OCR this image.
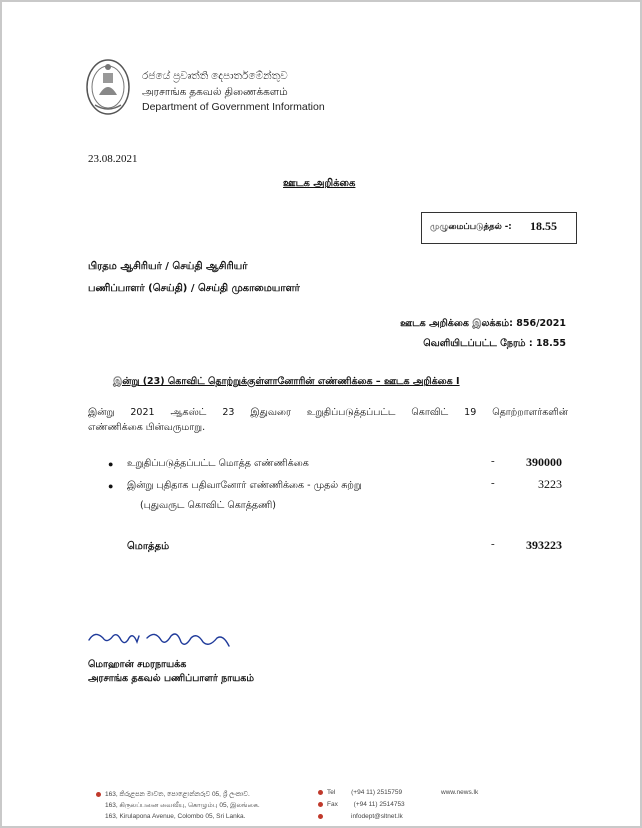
රජයේ ප්‍රවෘත්ති දෙපාර්තමේන්තුව
அரசாங்க தகவல் திணைக்களம்
Department of Government Information
23.08.2021
ஊடக அறிக்கை
முழுமைப்படுத்தல் -: 18.55
பிரதம ஆசிரியர் / செய்தி ஆசிரியர்
பணிப்பாளர் (செய்தி) / செய்தி முகாமையாளர்
ஊடக அறிக்கை இலக்கம்: 856/2021
வெளியிடப்பட்ட நேரம் : 18.55
இன்று (23) கொவிட் தொற்றுக்குள்ளானோரின் எண்ணிக்கை – ஊடக அறிக்கை I
இன்று 2021 ஆகஸ்ட் 23 இதுவரை உறுதிப்படுத்தப்பட்ட கொவிட் 19 தொற்றாளர்களின்
எண்ணிக்கை பின்வருமாறு.
● உறுதிப்படுத்தப்பட்ட மொத்த எண்ணிக்கை	-	390000
● இன்று புதிதாக பதிவானோர் எண்ணிக்கை - முதல் சுற்று	-	3223
(புதுவருட கொவிட் கொத்தணி)
மொத்தம்	-	393223
மொஹான் சமரநாயக்க
அரசாங்க தகவல் பணிப்பாளர் நாயகம்
163, කිරුළපන මාවත, පොළොන්නරුව 05, ශ්‍රී ලංකාව.
163, கிருலப்பனை வைவீயு, கொழும்பு 05, இலங்கை.
163, Kirulapona Avenue, Colombo 05, Sri Lanka.
Tel (+94 11) 2515759
Fax (+94 11) 2514753
infodept@sltnet.lk
www.news.lk
